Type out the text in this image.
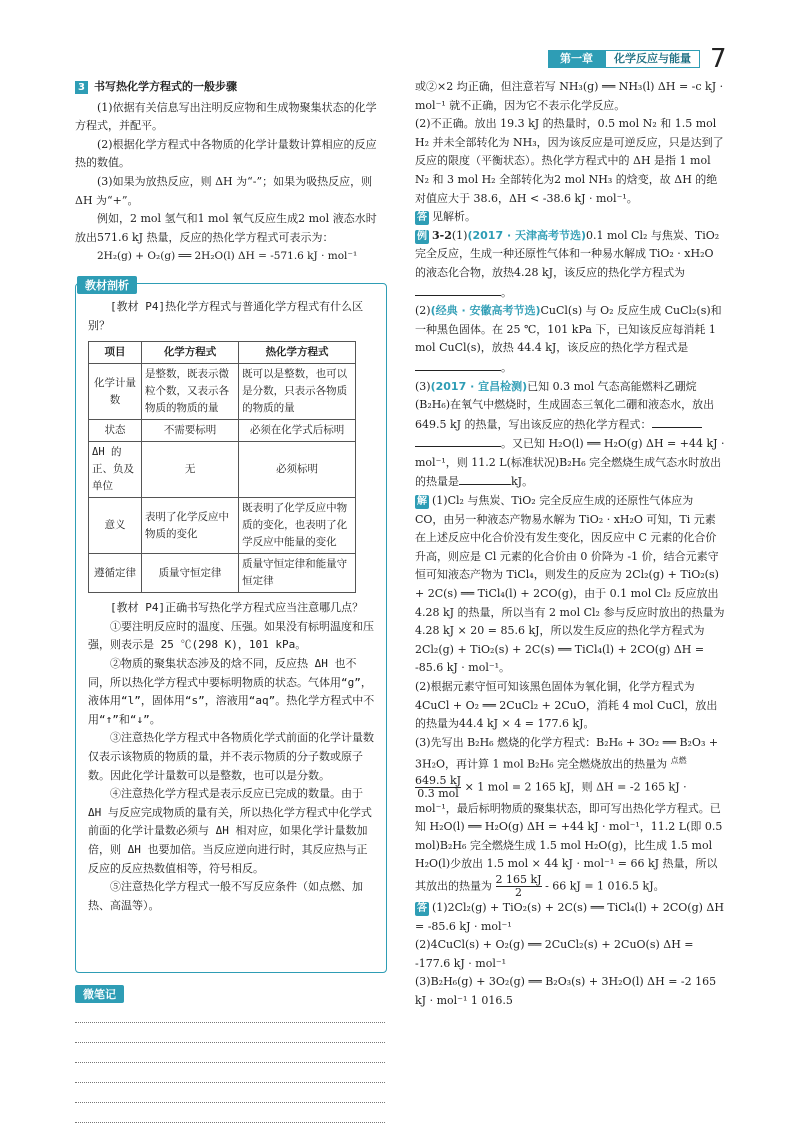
第一章	化学反应与能量 7
3 书写热化学方程式的一般步骤

(1)依据有关信息写出注明反应物和生成物聚集状态的化学方程式，并配平。

(2)根据化学方程式中各物质的化学计量数计算相应的反应热的数值。

(3)如果为放热反应，则 ΔH 为“-”；如果为吸热反应，则 ΔH 为“+”。

例如，2 mol 氢气和1 mol 氧气反应生成2 mol 液态水时放出571.6 kJ 热量，反应的热化学方程式可表示为：

2H₂(g) + O₂(g) ══ 2H₂O(l) ΔH = -571.6 kJ · mol⁻¹

教材剖析

[教材 P4]热化学方程式与普通化学方程式有什么区别？

项目	化学方程式	热化学方程式
化学计量数	是整数，既表示微粒个数，又表示各物质的物质的量	既可以是整数，也可以是分数，只表示各物质的物质的量
状态	不需要标明	必须在化学式后标明
ΔH 的正、负及单位	无	必须标明
意义	表明了化学反应中物质的变化	既表明了化学反应中物质的变化，也表明了化学反应中能量的变化
遵循定律	质量守恒定律	质量守恒定律和能量守恒定律

[教材 P4]正确书写热化学方程式应当注意哪几点？

①要注明反应时的温度、压强。如果没有标明温度和压强，则表示是 25 ℃(298 K)，101 kPa。

②物质的聚集状态涉及的焓不同，反应热 ΔH 也不同，所以热化学方程式中要标明物质的状态。气体用“g”，液体用“l”，固体用“s”，溶液用“aq”。热化学方程式中不用“↑”和“↓”。

③注意热化学方程式中各物质化学式前面的化学计量数仅表示该物质的物质的量，并不表示物质的分子数或原子数。因此化学计量数可以是整数，也可以是分数。

④注意热化学方程式是表示反应已完成的数量。由于 ΔH 与反应完成物质的量有关，所以热化学方程式中化学式前面的化学计量数必须与 ΔH 相对应，如果化学计量数加倍，则 ΔH 也要加倍。当反应逆向进行时，其反应热与正反应的反应热数值相等，符号相反。

⑤注意热化学方程式一般不写反应条件（如点燃、加热、高温等）。

微笔记

或②×2 均正确，但注意若写 NH₃(g) ══ NH₃(l) ΔH = -c kJ · mol⁻¹ 就不正确，因为它不表示化学反应。

(2)不正确。放出 19.3 kJ 的热量时，0.5 mol N₂ 和 1.5 mol H₂ 并未全部转化为 NH₃，因为该反应是可逆反应，只是达到了反应的限度（平衡状态）。热化学方程式中的 ΔH 是指 1 mol N₂ 和 3 mol H₂ 全部转化为2 mol NH₃ 的焓变，故 ΔH 的绝对值应大于 38.6，ΔH < -38.6 kJ · mol⁻¹。

答 见解析。

例 3-2(1)(2017 · 天津高考节选)0.1 mol Cl₂ 与焦炭、TiO₂ 完全反应，生成一种还原性气体和一种易水解成 TiO₂ · xH₂O 的液态化合物，放热4.28 kJ，该反应的热化学方程式为。

(2)(经典 · 安徽高考节选)CuCl(s) 与 O₂ 反应生成 CuCl₂(s)和一种黑色固体。在 25 ℃，101 kPa 下，已知该反应每消耗 1 mol CuCl(s)，放热 44.4 kJ，该反应的热化学方程式是。

(3)(2017 · 宜昌检测)已知 0.3 mol 气态高能燃料乙硼烷(B₂H₆)在氧气中燃烧时，生成固态三氧化二硼和液态水，放出649.5 kJ 的热量，写出该反应的热化学方程式：。又已知 H₂O(l) ══ H₂O(g) ΔH = +44 kJ · mol⁻¹，则 11.2 L(标准状况)B₂H₆ 完全燃烧生成气态水时放出的热量是	kJ。

解 (1)Cl₂ 与焦炭、TiO₂ 完全反应生成的还原性气体应为 CO，由另一种液态产物易水解为 TiO₂ · xH₂O 可知，Ti 元素在上述反应中化合价没有发生变化，因反应中 C 元素的化合价升高，则应是 Cl 元素的化合价由 0 价降为 -1 价，结合元素守恒可知液态产物为 TiCl₄，则发生的反应为 2Cl₂(g) + TiO₂(s) + 2C(s) ══ TiCl₄(l) + 2CO(g)，由于 0.1 mol Cl₂ 反应放出4.28 kJ 的热量，所以当有 2 mol Cl₂ 参与反应时放出的热量为 4.28 kJ × 20 = 85.6 kJ，所以发生反应的热化学方程式为 2Cl₂(g) + TiO₂(s) + 2C(s) ══ TiCl₄(l) + 2CO(g) ΔH = -85.6 kJ · mol⁻¹。

(2)根据元素守恒可知该黑色固体为氧化铜，化学方程式为 4CuCl + O₂ ══ 2CuCl₂ + 2CuO，消耗 4 mol CuCl，放出的热量为44.4 kJ × 4 = 177.6 kJ。

(3)先写出 B₂H₆ 燃烧的化学方程式：B₂H₆ + 3O₂ ══ B₂O₃ + 3H₂O，再计算 1 mol B₂H₆ 完全燃烧放出的热量为 $^{点燃}$
$\frac{649.5 kJ}{\text{0.3 mol}} \times 1$ mol = 2 165 kJ，则 ΔH = -2 165 kJ · mol⁻¹，最后标明物质的聚集状态，即可写出热化学方程式。已知 H₂O(l) ══ H₂O(g) ΔH = +44 kJ · mol⁻¹，11.2 L(即 0.5 mol)B₂H₆ 完全燃烧生成 1.5 mol H₂O(g)，比生成 1.5 mol H₂O(l)少放出 1.5 mol × 44 kJ · mol⁻¹ = 66 kJ 热量，所以其放出的热量为 $\frac{2 165 kJ}{2} - 66$ kJ = 1 016.5 kJ。

答 (1)2Cl₂(g) + TiO₂(s) + 2C(s) ══ TiCl₄(l) + 2CO(g) ΔH = -85.6 kJ · mol⁻¹

(2)4CuCl(s) + O₂(g) ══ 2CuCl₂(s) + 2CuO(s) ΔH = -177.6 kJ · mol⁻¹

(3)B₂H₆(g) + 3O₂(g) ══ B₂O₃(s) + 3H₂O(l) ΔH = -2 165 kJ · mol⁻¹ 1 016.5
